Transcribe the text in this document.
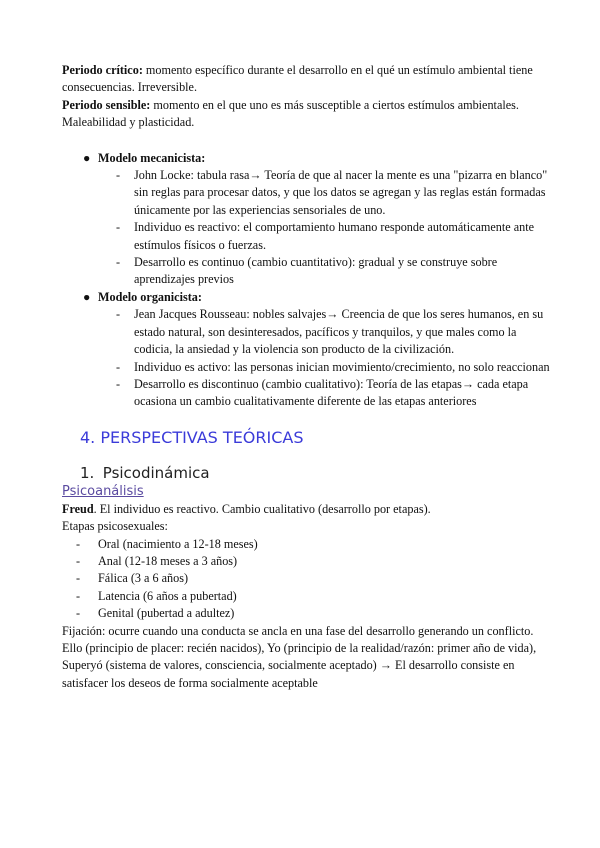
Periodo crítico: momento específico durante el desarrollo en el qué un estímulo ambiental tiene consecuencias. Irreversible.

Periodo sensible: momento en el que uno es más susceptible a ciertos estímulos ambientales. Maleabilidad y plasticidad.

● Modelo mecanicista:
- John Locke: tabula rasa→ Teoría de que al nacer la mente es una "pizarra en blanco" sin reglas para procesar datos, y que los datos se agregan y las reglas están formadas únicamente por las experiencias sensoriales de uno.
- Individuo es reactivo: el comportamiento humano responde automáticamente ante estímulos físicos o fuerzas.
- Desarrollo es continuo (cambio cuantitativo): gradual y se construye sobre aprendizajes previos
● Modelo organicista:
- Jean Jacques Rousseau: nobles salvajes→ Creencia de que los seres humanos, en su estado natural, son desinteresados, pacíficos y tranquilos, y que males como la codicia, la ansiedad y la violencia son producto de la civilización.
- Individuo es activo: las personas inician movimiento/crecimiento, no solo reaccionan
- Desarrollo es discontinuo (cambio cualitativo): Teoría de las etapas→ cada etapa ocasiona un cambio cualitativamente diferente de las etapas anteriores
4. PERSPECTIVAS TEÓRICAS
1. Psicodinámica
Psicoanálisis

Freud. El individuo es reactivo. Cambio cualitativo (desarrollo por etapas).

Etapas psicosexuales:

- Oral (nacimiento a 12-18 meses)
- Anal (12-18 meses a 3 años)
- Fálica (3 a 6 años)
- Latencia (6 años a pubertad)
- Genital (pubertad a adultez)

Fijación: ocurre cuando una conducta se ancla en una fase del desarrollo generando un conflicto. Ello (principio de placer: recién nacidos), Yo (principio de la realidad/razón: primer año de vida), Superyó (sistema de valores, consciencia, socialmente aceptado) → El desarrollo consiste en satisfacer los deseos de forma socialmente aceptable
